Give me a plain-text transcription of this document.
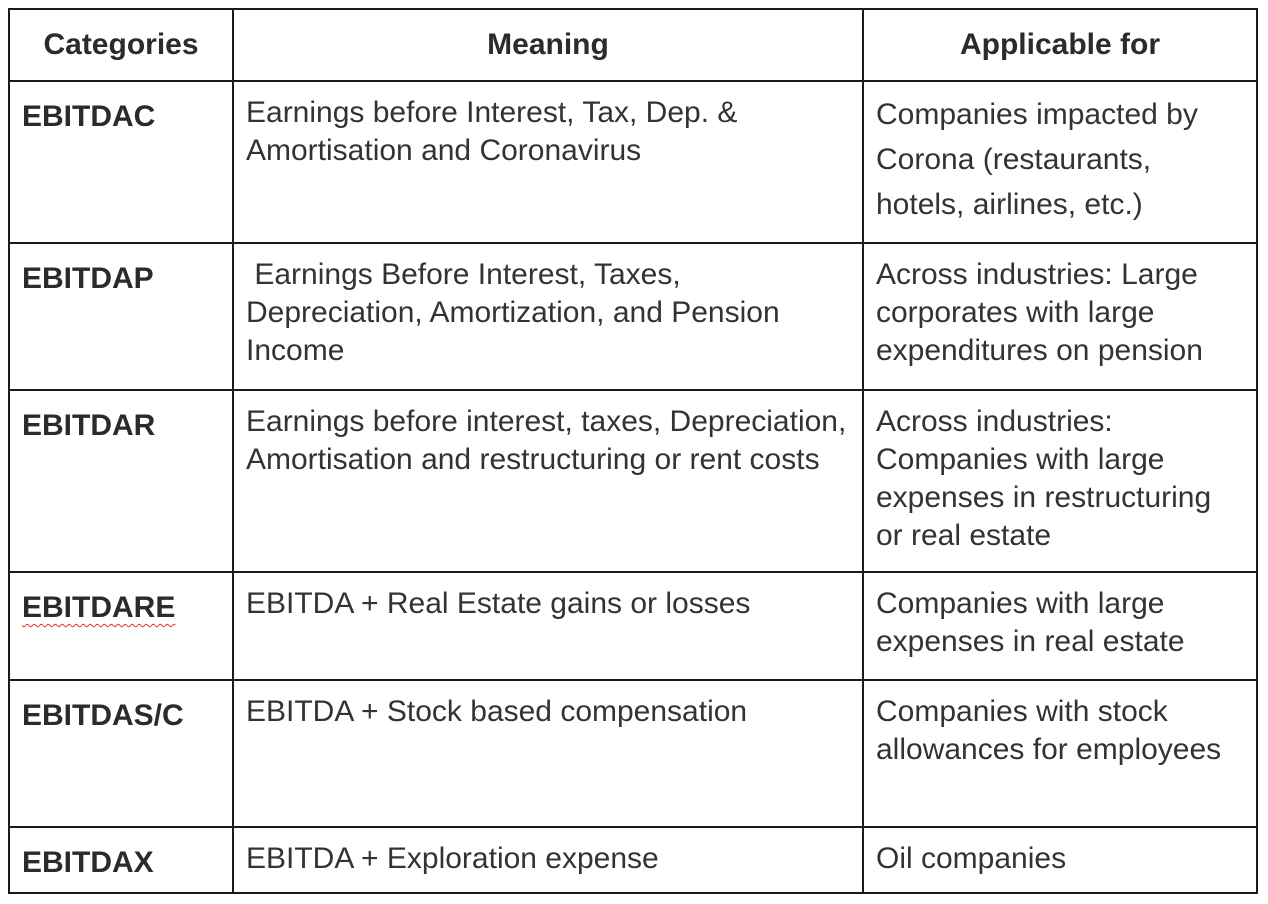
Categories	Meaning	Applicable for
EBITDAC	Earnings before Interest, Tax, Dep. & Amortisation and Coronavirus	Companies impacted by Corona (restaurants, hotels, airlines, etc.)
EBITDAP	Earnings Before Interest, Taxes, Depreciation, Amortization, and Pension Income	Across industries: Large corporates with large expenditures on pension
EBITDAR	Earnings before interest, taxes, Depreciation, Amortisation and restructuring or rent costs	Across industries: Companies with large expenses in restructuring or real estate
EBITDARE	EBITDA + Real Estate gains or losses	Companies with large expenses in real estate
EBITDAS/C	EBITDA + Stock based compensation	Companies with stock allowances for employees
EBITDAX	EBITDA + Exploration expense	Oil companies
